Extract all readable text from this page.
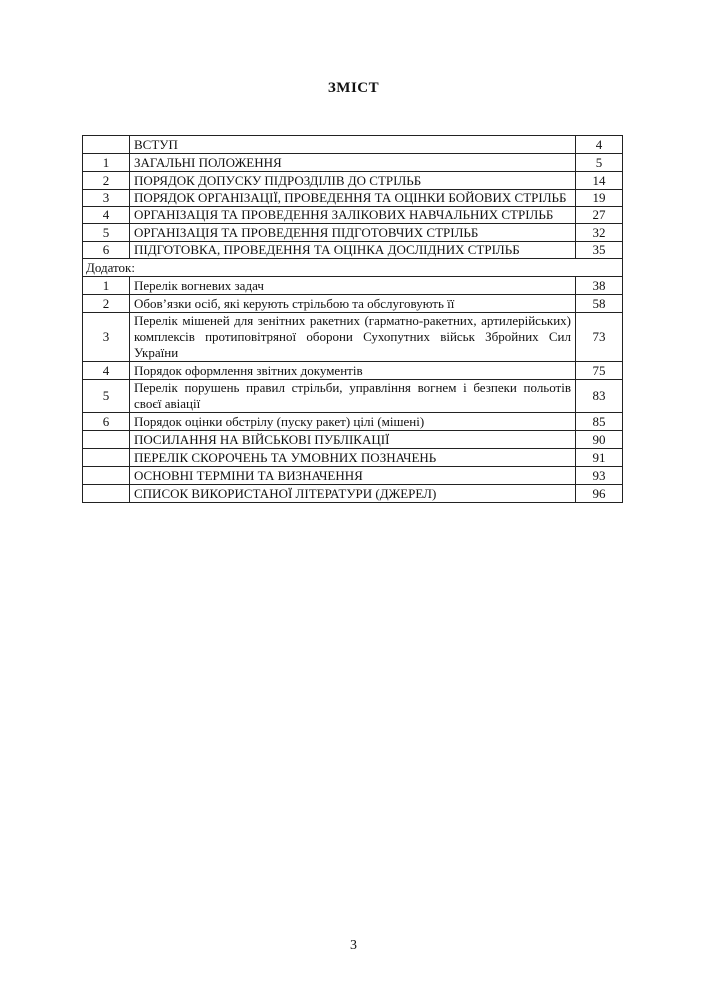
ЗМІСТ
	ВСТУП	4
1	ЗАГАЛЬНІ ПОЛОЖЕННЯ	5
2	ПОРЯДОК ДОПУСКУ ПІДРОЗДІЛІВ ДО СТРІЛЬБ	14
3	ПОРЯДОК ОРГАНІЗАЦІЇ, ПРОВЕДЕННЯ ТА ОЦІНКИ БОЙОВИХ СТРІЛЬБ	19
4	ОРГАНІЗАЦІЯ ТА ПРОВЕДЕННЯ ЗАЛІКОВИХ НАВЧАЛЬНИХ СТРІЛЬБ	27
5	ОРГАНІЗАЦІЯ ТА ПРОВЕДЕННЯ ПІДГОТОВЧИХ СТРІЛЬБ	32
6	ПІДГОТОВКА, ПРОВЕДЕННЯ ТА ОЦІНКА ДОСЛІДНИХ СТРІЛЬБ	35
Додаток:		
1	Перелік вогневих задач	38
2	Обов’язки осіб, які керують стрільбою та обслуговують її	58
3	Перелік мішеней для зенітних ракетних (гарматно-ракетних, артилерійських) комплексів протиповітряної оборони Сухопутних військ Збройних Сил України	73
4	Порядок оформлення звітних документів	75
5	Перелік порушень правил стрільби, управління вогнем і безпеки польотів своєї авіації	83
6	Порядок оцінки обстрілу (пуску ракет) цілі (мішені)	85
	ПОСИЛАННЯ НА ВІЙСЬКОВІ ПУБЛІКАЦІЇ	90
	ПЕРЕЛІК СКОРОЧЕНЬ ТА УМОВНИХ ПОЗНАЧЕНЬ	91
	ОСНОВНІ ТЕРМІНИ ТА ВИЗНАЧЕННЯ	93
	СПИСОК ВИКОРИСТАНОЇ ЛІТЕРАТУРИ (ДЖЕРЕЛ)	96
3
